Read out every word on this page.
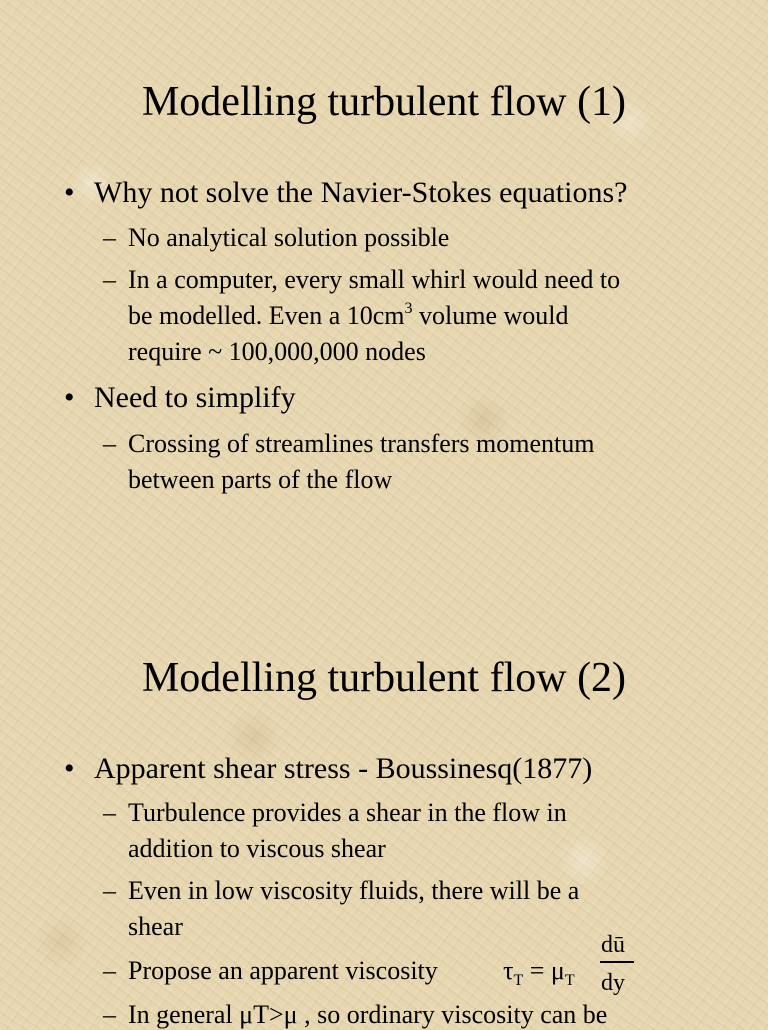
Modelling turbulent flow (1)
• Why not solve the Navier-Stokes equations?
– No analytical solution possible
– In a computer, every small whirl would need to
be modelled. Even a $10cm^3$ volume would
require ~ 100,000,000 nodes
• Need to simplify
– Crossing of streamlines transfers momentum
between parts of the flow
Modelling turbulent flow (2)
• Apparent shear stress - Boussinesq(1877)
– Turbulence provides a shear in the flow in
addition to viscous shear
– Even in low viscosity fluids, there will be a
shear
– Propose an apparent viscosity	$\tau_T = \mu_T$
dū
dy
– In general μT>μ , so ordinary viscosity can be
